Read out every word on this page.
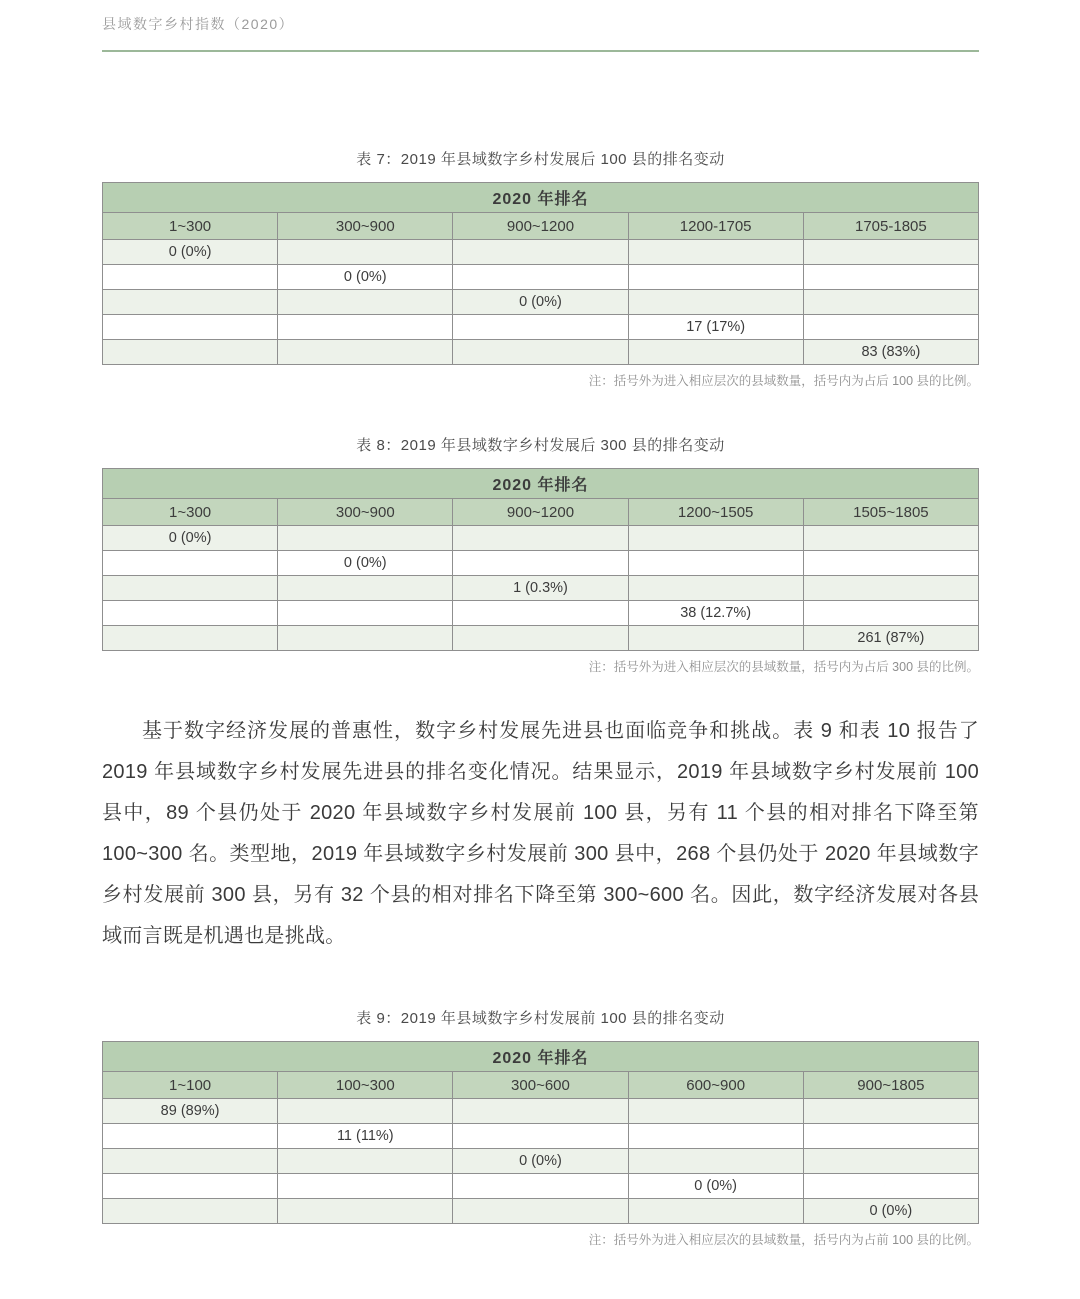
县域数字乡村指数（2020）
表 7：2019 年县域数字乡村发展后 100 县的排名变动
2020 年排名				
1~300	300~900	900~1200	1200-1705	1705-1805
0 (0%)				
	0 (0%)			
		0 (0%)		
			17 (17%)	
				83 (83%)
注：括号外为进入相应层次的县域数量，括号内为占后 100 县的比例。
表 8：2019 年县域数字乡村发展后 300 县的排名变动
2020 年排名				
1~300	300~900	900~1200	1200~1505	1505~1805
0 (0%)				
	0 (0%)			
		1 (0.3%)		
			38 (12.7%)	
				261 (87%)
注：括号外为进入相应层次的县域数量，括号内为占后 300 县的比例。

基于数字经济发展的普惠性，数字乡村发展先进县也面临竞争和挑战。表 9 和表 10 报告了 2019 年县域数字乡村发展先进县的排名变化情况。结果显示，2019 年县域数字乡村发展前 100 县中，89 个县仍处于 2020 年县域数字乡村发展前 100 县，另有 11 个县的相对排名下降至第 100~300 名。类型地，2019 年县域数字乡村发展前 300 县中，268 个县仍处于 2020 年县域数字乡村发展前 300 县，另有 32 个县的相对排名下降至第 300~600 名。因此，数字经济发展对各县域而言既是机遇也是挑战。

表 9：2019 年县域数字乡村发展前 100 县的排名变动
2020 年排名				
1~100	100~300	300~600	600~900	900~1805
89 (89%)				
	11 (11%)			
		0 (0%)		
			0 (0%)	
				0 (0%)
注：括号外为进入相应层次的县域数量，括号内为占前 100 县的比例。
